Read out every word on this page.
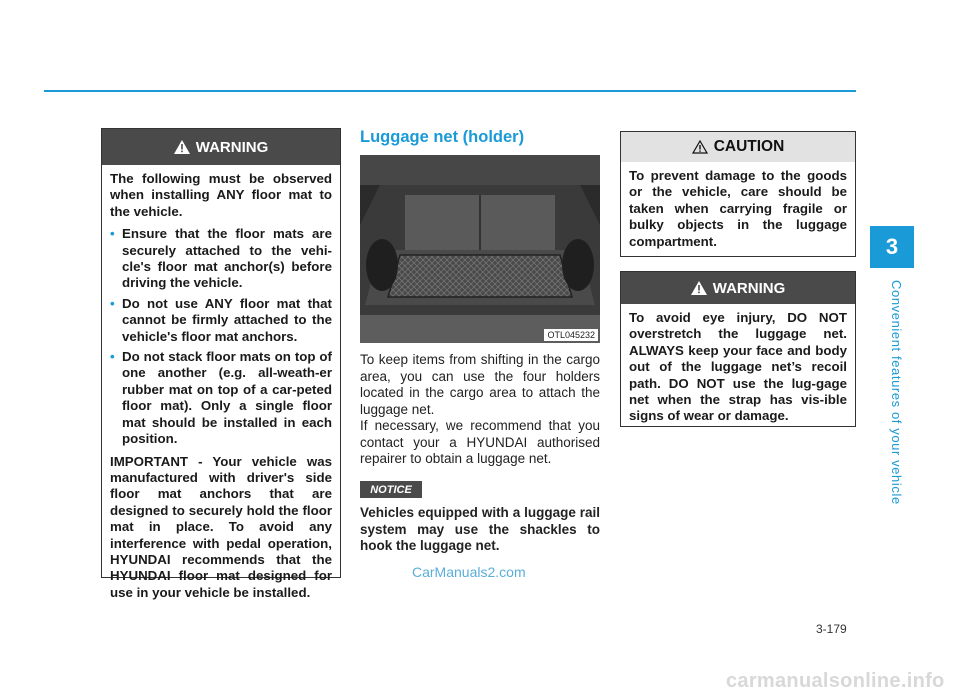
3
Convenient features of your vehicle
WARNING

The following must be observed when installing ANY floor mat to the vehicle.

• Ensure that the floor mats are securely attached to the vehi-cle's floor mat anchor(s) before driving the vehicle.
• Do not use ANY floor mat that cannot be firmly attached to the vehicle's floor mat anchors.
• Do not stack floor mats on top of one another (e.g. all-weath-er rubber mat on top of a car-peted floor mat). Only a single floor mat should be installed in each position.

IMPORTANT - Your vehicle was manufactured with driver's side floor mat anchors that are designed to securely hold the floor mat in place. To avoid any interference with pedal operation, HYUNDAI recommends that the HYUNDAI floor mat designed for use in your vehicle be installed.

Luggage net (holder)
OTL045232
To keep items from shifting in the cargo area, you can use the four holders located in the cargo area to attach the luggage net.
If necessary, we recommend that you contact your a HYUNDAI authorised repairer to obtain a luggage net.
NOTICE
Vehicles equipped with a luggage rail system may use the shackles to hook the luggage net.
CAUTION

To prevent damage to the goods or the vehicle, care should be taken when carrying fragile or bulky objects in the luggage compartment.

WARNING

To avoid eye injury, DO NOT overstretch the luggage net. ALWAYS keep your face and body out of the luggage net’s recoil path. DO NOT use the lug-gage net when the strap has vis-ible signs of wear or damage.

CarManuals2.com
3-179
carmanualsonline.info
